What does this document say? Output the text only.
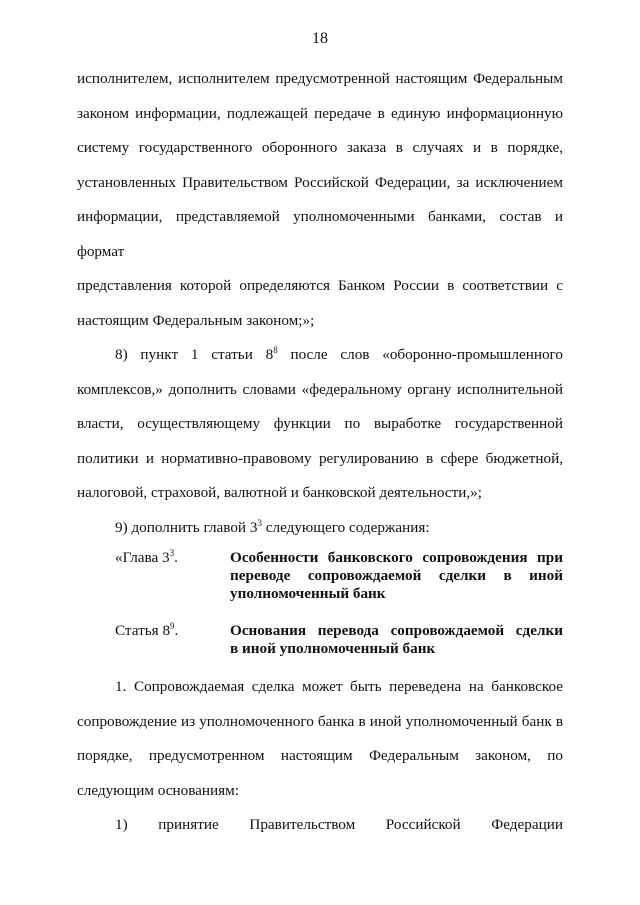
18

исполнителем, исполнителем предусмотренной настоящим Федеральным
законом информации, подлежащей передаче в единую информационную
систему государственного оборонного заказа в случаях и в порядке,
установленных Правительством Российской Федерации, за исключением
информации, представляемой уполномоченными банками, состав и формат
представления которой определяются Банком России в соответствии с
настоящим Федеральным законом;»;

8) пункт 1 статьи $8^8$ после слов «оборонно-промышленного
комплексов,» дополнить словами «федеральному органу исполнительной
власти, осуществляющему функции по выработке государственной
политики и нормативно-правовому регулированию в сфере бюджетной,
налоговой, страховой, валютной и банковской деятельности,»;

9) дополнить главой $3^3$ следующего содержания:

«Глава $3^3$.	Особенности банковского сопровождения при
переводе сопровождаемой сделки в иной
уполномоченный банк
Статья $8^9$.	Основания перевода сопровождаемой сделки
в иной уполномоченный банк

1. Сопровождаемая сделка может быть переведена на банковское
сопровождение из уполномоченного банка в иной уполномоченный банк в
порядке, предусмотренном настоящим Федеральным законом, по
следующим основаниям:

1) принятие Правительством Российской Федерации
